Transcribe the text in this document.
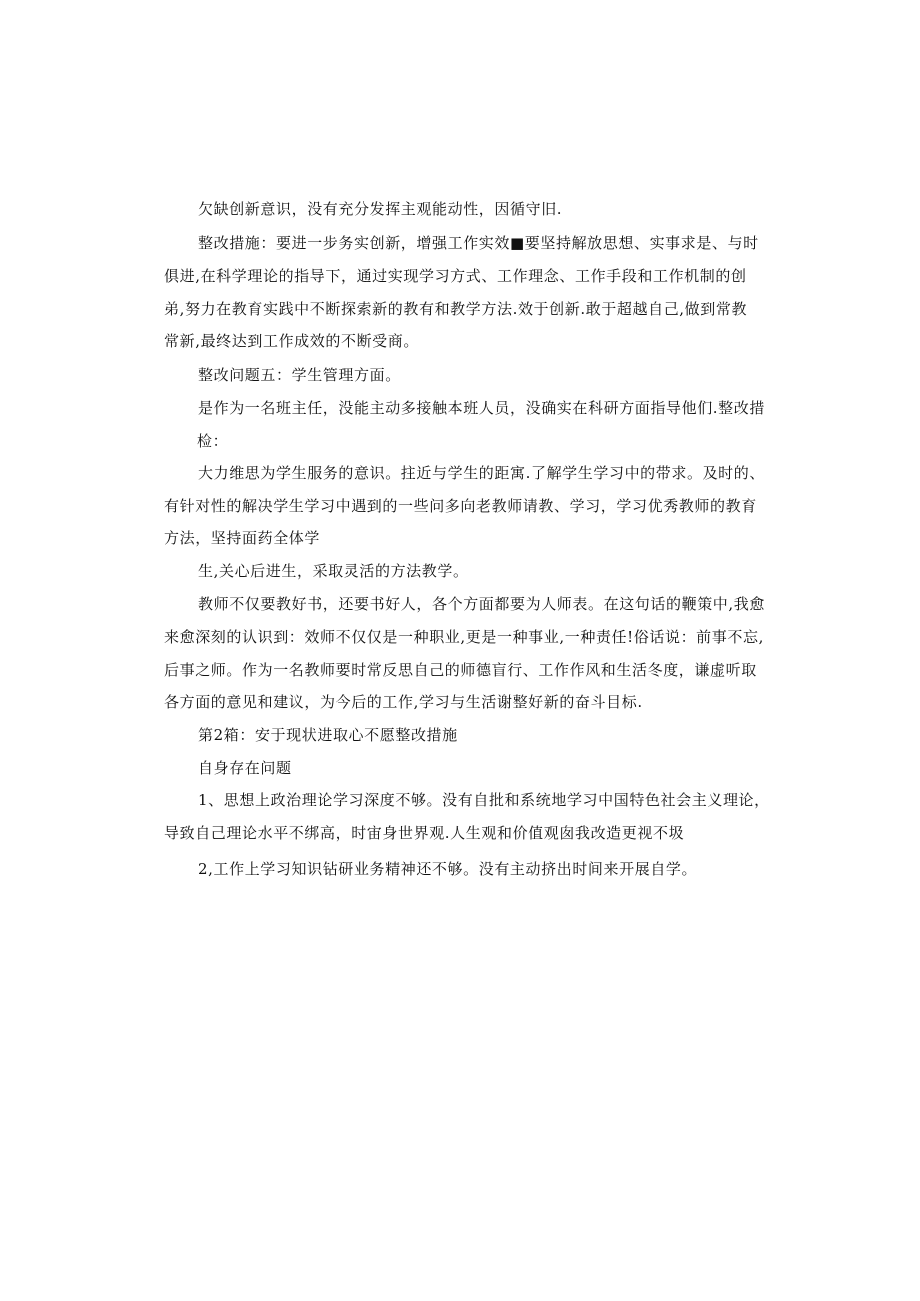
欠缺创新意识，没有充分发挥主观能动性，因循守旧.
整改措施：要进一步务实创新，增强工作实效■要坚持解放思想、实事求是、与时
俱进,在科学理论的指导下，通过实现学习方式、工作理念、工作手段和工作机制的创
弟,努力在教育实践中不断探索新的教有和教学方法.效于创新.敢于超越自己,做到常教
常新,最终达到工作成效的不断受商。
整改问题五：学生管理方面。
是作为一名班主任，没能主动多接触本班人员，没确实在科研方面指导他们.整改措
检：
大力维思为学生服务的意识。拄近与学生的距寓.了解学生学习中的带求。及时的、
有针对性的解决学生学习中遇到的一些问多向老教师请教、学习，学习优秀教师的教育
方法，坚持面药全体学
生,关心后进生，采取灵活的方法教学。
教师不仅要教好书，还要书好人，各个方面都要为人师表。在这句话的鞭策中,我愈
来愈深刻的认识到：效师不仅仅是一种职业,更是一种事业,一种责任!俗话说：前事不忘,
后事之师。作为一名教师要时常反思自己的师德盲行、工作作风和生活冬度，谦虚听取
各方面的意见和建议，为今后的工作,学习与生活谢整好新的奋斗目标.
第2箱：安于现状进取心不愿整改措施
自身存在问题
1、思想上政治理论学习深度不够。没有自批和系统地学习中国特色社会主义理论，
导致自己理论水平不绑高，时宙身世界观.人生观和价值观囱我改造更视不圾
2,工作上学习知识钻研业务精神还不够。没有主动挤出时间来开展自学。
